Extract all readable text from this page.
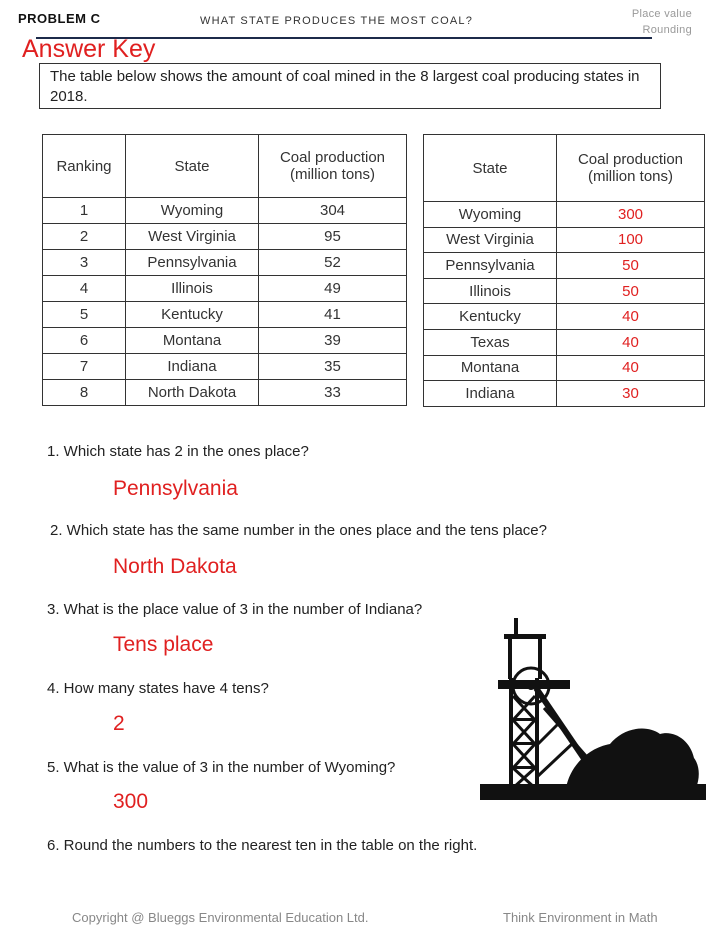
PROBLEM C	WHAT STATE PRODUCES THE MOST COAL?
Place value
Rounding
Answer Key
The table below shows the amount of coal mined in the 8 largest coal producing states in 2018.
Ranking	State	Coal production (million tons)
1	Wyoming	304
2	West Virginia	95
3	Pennsylvania	52
4	Illinois	49
5	Kentucky	41
6	Montana	39
7	Indiana	35
8	North Dakota	33
State	Coal production (million tons)
Wyoming	300
West Virginia	100
Pennsylvania	50
Illinois	50
Kentucky	40
Texas	40
Montana	40
Indiana	30
1. Which state has 2 in the ones place?
Pennsylvania
2. Which state has the same number in the ones place and the tens place?
North Dakota
3. What is the place value of 3 in the number of Indiana?
Tens place
4. How many states have 4 tens?
2
5. What is the value of 3 in the number of Wyoming?
300
6. Round the numbers to the nearest ten in the table on the right.
Copyright @ Blueggs Environmental Education Ltd.	Think Environment in Math
